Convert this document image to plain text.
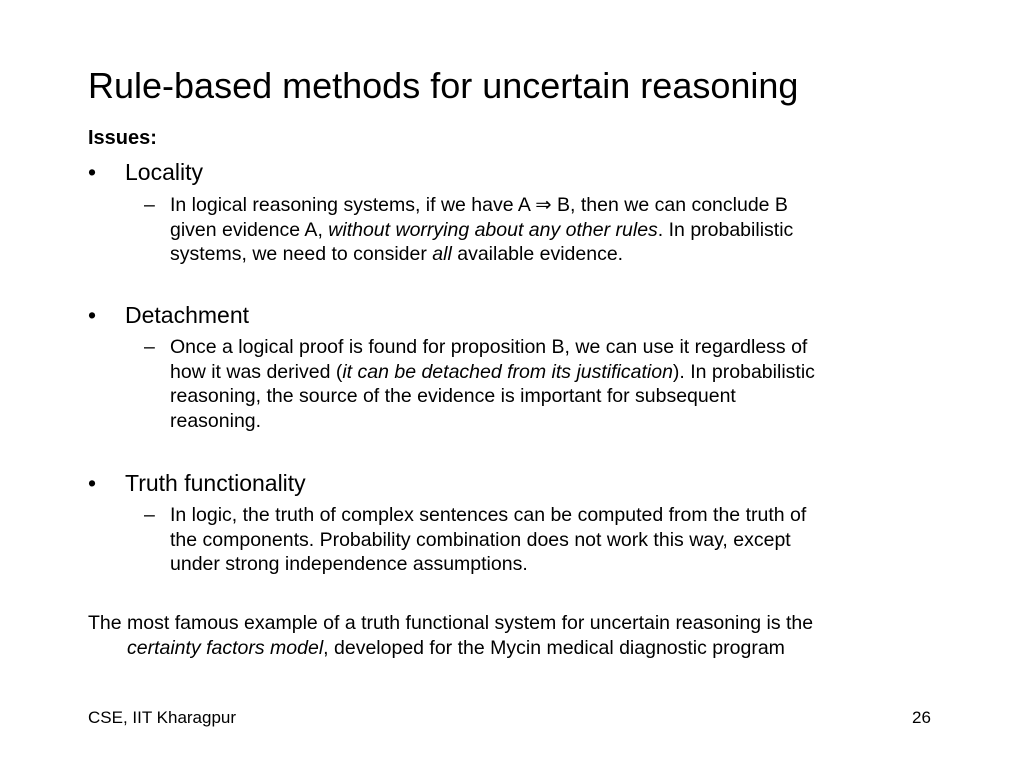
Rule-based methods for uncertain reasoning
Issues:
•	Locality
– In logical reasoning systems, if we have A ⇒ B, then we can conclude B
given evidence A, without worrying about any other rules. In probabilistic
systems, we need to consider all available evidence.
•	Detachment
– Once a logical proof is found for proposition B, we can use it regardless of
how it was derived (it can be detached from its justification). In probabilistic
reasoning, the source of the evidence is important for subsequent
reasoning.
•	Truth functionality
– In logic, the truth of complex sentences can be computed from the truth of
the components. Probability combination does not work this way, except
under strong independence assumptions.
The most famous example of a truth functional system for uncertain reasoning is the
certainty factors model, developed for the Mycin medical diagnostic program
CSE, IIT Kharagpur	26
